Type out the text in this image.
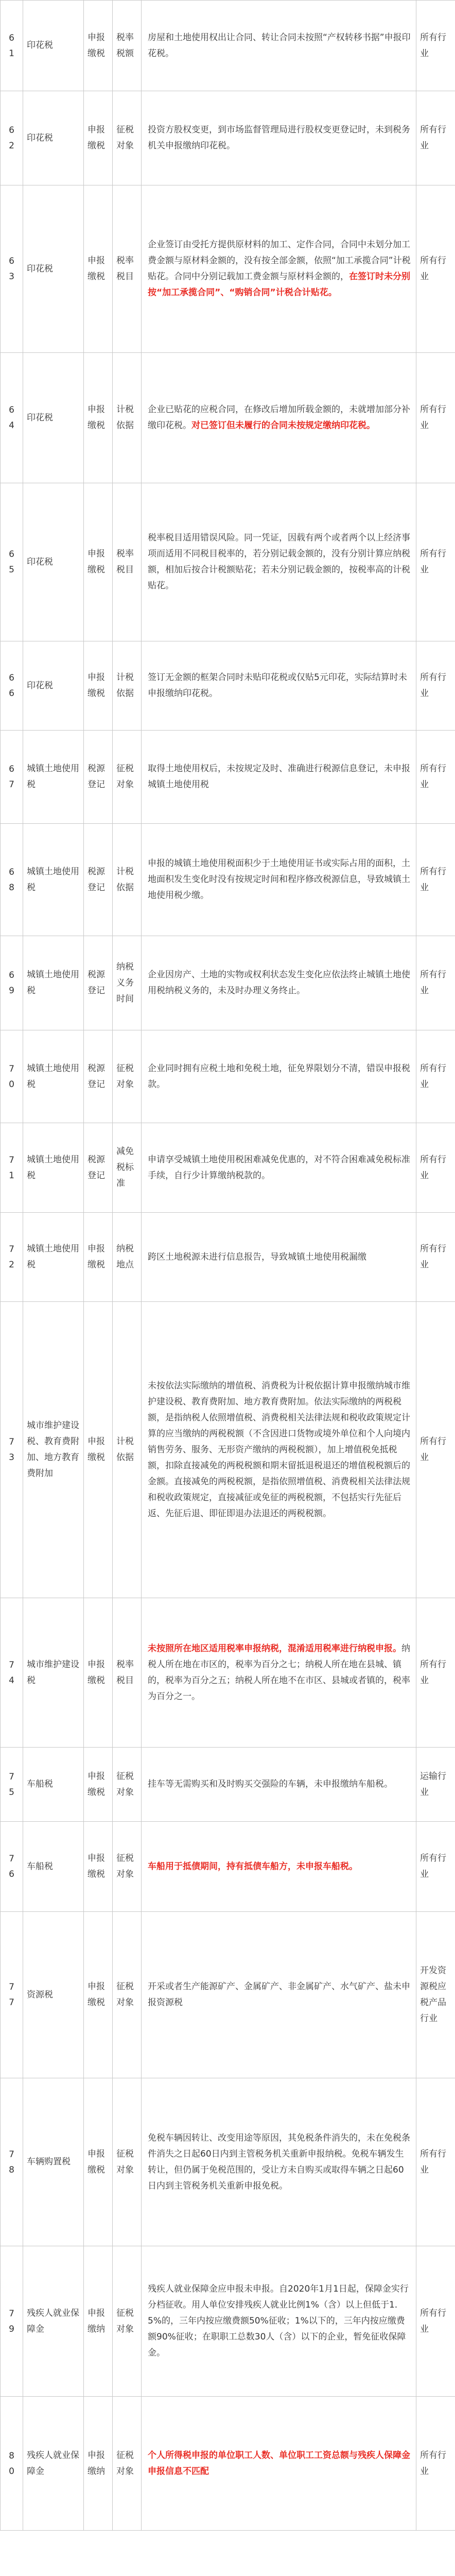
61	印花税	申报缴税	税率税额	房屋和土地使用权出让合同、转让合同未按照“产权转移书据”申报印花税。	所有行业

62	印花税	申报缴税	征税对象	投资方股权变更，到市场监督管理局进行股权变更登记时，未到税务机关申报缴纳印花税。	所有行业

63	印花税	申报缴税	税率税目	企业签订由受托方提供原材料的加工、定作合同，合同中未划分加工费金额与原材料金额的，没有按全部金额，依照“加工承揽合同”计税贴花。合同中分别记载加工费金额与原材料金额的，在签订时未分别按“加工承揽合同”、“购销合同”计税合计贴花。	所有行业

64	印花税	申报缴税	计税依据	企业已贴花的应税合同，在修改后增加所载金额的，未就增加部分补缴印花税。对已签订但未履行的合同未按规定缴纳印花税。	所有行业

65	印花税	申报缴税	税率税目	税率税目适用错误风险。同一凭证，因载有两个或者两个以上经济事项而适用不同税目税率的，若分别记载金额的，没有分别计算应纳税额，相加后按合计税额贴花；若未分别记载金额的，按税率高的计税贴花。	所有行业

66	印花税	申报缴税	计税依据	签订无金额的框架合同时未贴印花税或仅贴5元印花，实际结算时未申报缴纳印花税。	所有行业

67	城镇土地使用税	税源登记	征税对象	取得土地使用权后，未按规定及时、准确进行税源信息登记，未申报城镇土地使用税	所有行业

68	城镇土地使用税	税源登记	计税依据	申报的城镇土地使用税面积少于土地使用证书或实际占用的面积，土地面积发生变化时没有按规定时间和程序修改税源信息，导致城镇土地使用税少缴。	所有行业

69	城镇土地使用税	税源登记	纳税义务时间	企业因房产、土地的实物或权利状态发生变化应依法终止城镇土地使用税纳税义务的，未及时办理义务终止。	所有行业

70	城镇土地使用税	税源登记	征税对象	企业同时拥有应税土地和免税土地，征免界限划分不清，错误申报税款。	所有行业

71	城镇土地使用税	税源登记	减免税标准	申请享受城镇土地使用税困难减免优惠的，对不符合困难减免税标准手续，自行少计算缴纳税款的。	所有行业

72	城镇土地使用税	申报缴税	纳税地点	跨区土地税源未进行信息报告，导致城镇土地使用税漏缴	所有行业

73	城市维护建设税、教育费附加、地方教育费附加	申报缴税	计税依据	未按依法实际缴纳的增值税、消费税为计税依据计算申报缴纳城市维护建设税、教育费附加、地方教育费附加。依法实际缴纳的两税税额，是指纳税人依照增值税、消费税相关法律法规和税收政策规定计算的应当缴纳的两税税额（不含因进口货物或境外单位和个人向境内销售劳务、服务、无形资产缴纳的两税税额），加上增值税免抵税额，扣除直接减免的两税税额和期末留抵退税退还的增值税税额后的金额。直接减免的两税税额，是指依照增值税、消费税相关法律法规和税收政策规定，直接减征或免征的两税税额，不包括实行先征后返、先征后退、即征即退办法退还的两税税额。	所有行业

74	城市维护建设税	申报缴税	税率税目	未按照所在地区适用税率申报纳税，混淆适用税率进行纳税申报。纳税人所在地在市区的，税率为百分之七；纳税人所在地在县城、镇的，税率为百分之五；纳税人所在地不在市区、县城或者镇的，税率为百分之一。	所有行业

75	车船税	申报缴税	征税对象	挂车等无需购买和及时购买交强险的车辆，未申报缴纳车船税。	运输行业

76	车船税	申报缴税	征税对象	车船用于抵债期间，持有抵债车船方，未申报车船税。	所有行业

77	资源税	申报缴税	征税对象	开采或者生产能源矿产、金属矿产、非金属矿产、水气矿产、盐未申报资源税	开发资源税应税产品行业

78	车辆购置税	申报缴税	征税对象	免税车辆因转让、改变用途等原因，其免税条件消失的，未在免税条件消失之日起60日内到主管税务机关重新申报纳税。免税车辆发生转让，但仍属于免税范围的，受让方未自购买或取得车辆之日起60日内到主管税务机关重新申报免税。	所有行业

79	残疾人就业保障金	申报缴纳	征税对象	残疾人就业保障金应申报未申报。自2020年1月1日起，保障金实行分档征收。用人单位安排残疾人就业比例1%（含）以上但低于1.5%的，三年内按应缴费额50%征收；1%以下的，三年内按应缴费额90%征收；在职职工总数30人（含）以下的企业，暂免征收保障金。	所有行业

80	残疾人就业保障金	申报缴纳	征税对象	个人所得税申报的单位职工人数、单位职工工资总额与残疾人保障金申报信息不匹配	所有行业
